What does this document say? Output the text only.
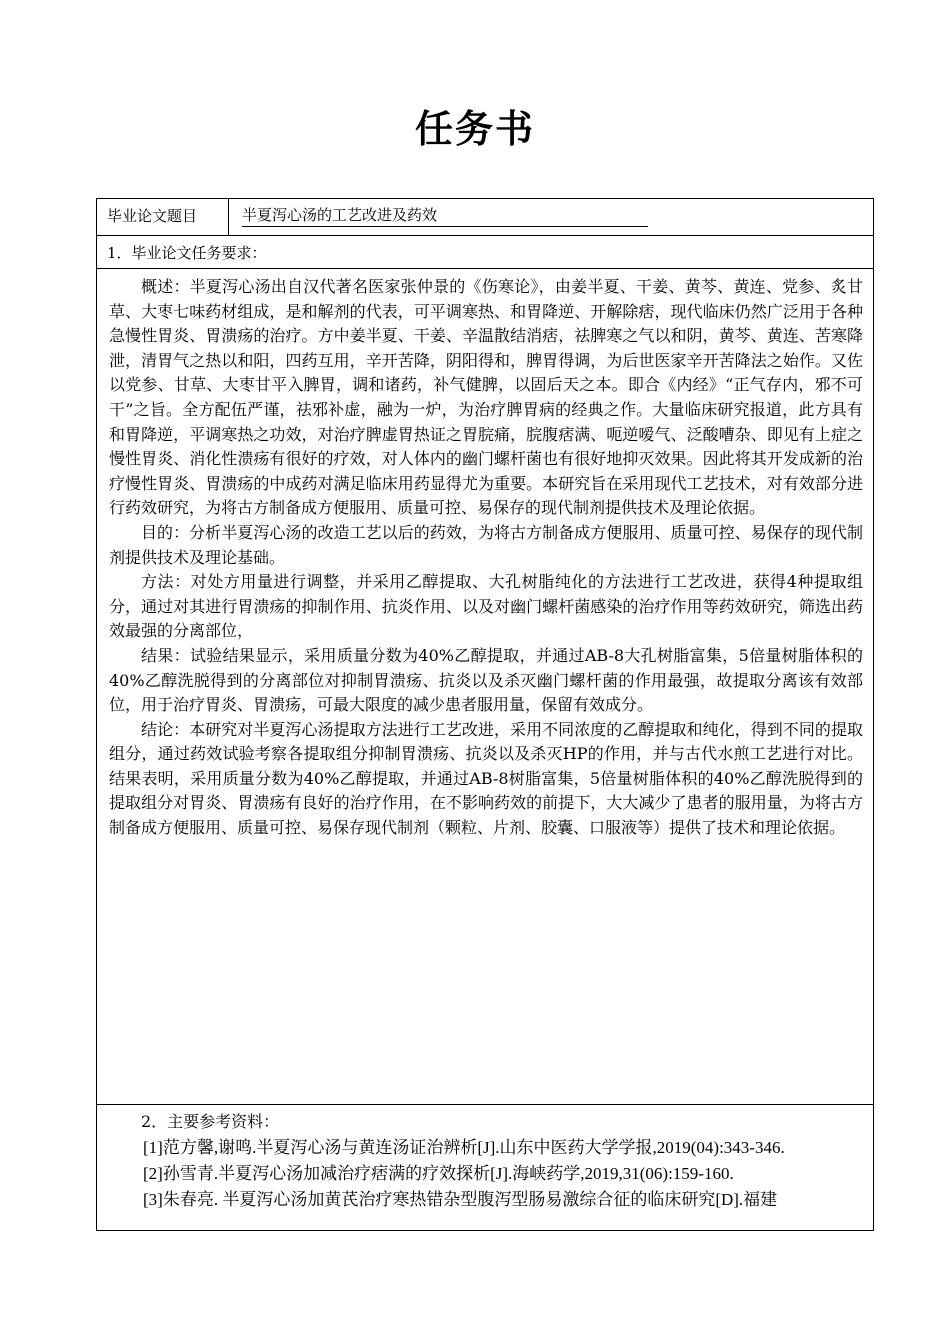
任务书
毕业论文题目	半夏泻心汤的工艺改进及药效
1．毕业论文任务要求：

概述：半夏泻心汤出自汉代著名医家张仲景的《伤寒论》，由姜半夏、干姜、黄芩、黄连、党参、炙甘草、大枣七味药材组成，是和解剂的代表，可平调寒热、和胃降逆、开解除痞，现代临床仍然广泛用于各种急慢性胃炎、胃溃疡的治疗。方中姜半夏、干姜、辛温散结消痞，祛脾寒之气以和阴，黄芩、黄连、苦寒降泄，清胃气之热以和阳，四药互用，辛开苦降，阴阳得和，脾胃得调，为后世医家辛开苦降法之始作。又佐以党参、甘草、大枣甘平入脾胃，调和诸药，补气健脾，以固后天之本。即合《内经》“正气存内，邪不可干”之旨。全方配伍严谨，祛邪补虚，融为一炉，为治疗脾胃病的经典之作。大量临床研究报道，此方具有和胃降逆，平调寒热之功效，对治疗脾虚胃热证之胃脘痛，脘腹痞满、呃逆嗳气、泛酸嘈杂、即见有上症之慢性胃炎、消化性溃疡有很好的疗效，对人体内的幽门螺杆菌也有很好地抑灭效果。因此将其开发成新的治疗慢性胃炎、胃溃疡的中成药对满足临床用药显得尤为重要。本研究旨在采用现代工艺技术，对有效部分进行药效研究，为将古方制备成方便服用、质量可控、易保存的现代制剂提供技术及理论依据。

目的：分析半夏泻心汤的改造工艺以后的药效，为将古方制备成方便服用、质量可控、易保存的现代制剂提供技术及理论基础。

方法：对处方用量进行调整，并采用乙醇提取、大孔树脂纯化的方法进行工艺改进，获得4种提取组分，通过对其进行胃溃疡的抑制作用、抗炎作用、以及对幽门螺杆菌感染的治疗作用等药效研究，筛选出药效最强的分离部位，

结果：试验结果显示，采用质量分数为40%乙醇提取，并通过AB-8大孔树脂富集，5倍量树脂体积的40%乙醇洗脱得到的分离部位对抑制胃溃疡、抗炎以及杀灭幽门螺杆菌的作用最强，故提取分离该有效部位，用于治疗胃炎、胃溃疡，可最大限度的减少患者服用量，保留有效成分。

结论：本研究对半夏泻心汤提取方法进行工艺改进，采用不同浓度的乙醇提取和纯化，得到不同的提取组分，通过药效试验考察各提取组分抑制胃溃疡、抗炎以及杀灭HP的作用，并与古代水煎工艺进行对比。结果表明，采用质量分数为40%乙醇提取，并通过AB-8树脂富集，5倍量树脂体积的40%乙醇洗脱得到的提取组分对胃炎、胃溃疡有良好的治疗作用，在不影响药效的前提下，大大减少了患者的服用量，为将古方制备成方便服用、质量可控、易保存现代制剂（颗粒、片剂、胶囊、口服液等）提供了技术和理论依据。

2．主要参考资料：

[1]范方馨,谢鸣.半夏泻心汤与黄连汤证治辨析[J].山东中医药大学学报,2019(04):343-346.

[2]孙雪青.半夏泻心汤加减治疗痞满的疗效探析[J].海峡药学,2019,31(06):159-160.

[3]朱春亮. 半夏泻心汤加黄芪治疗寒热错杂型腹泻型肠易激综合征的临床研究[D].福建
